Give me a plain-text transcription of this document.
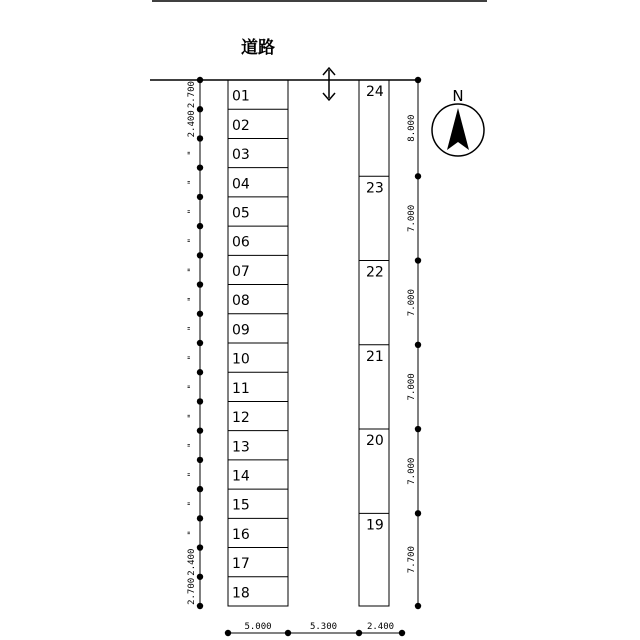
道路
01
02
03
04
05
06
07
08
09
10
11
12
13
14
15
16
17
18
24
23
22
21
20
19
2.700
2.400
"
"
"
"
"
"
"
"
"
"
"
"
"
"
2.400
2.700
8.000
7.000
7.000
7.000
7.000
7.700
5.000	5.300	2.400
N
